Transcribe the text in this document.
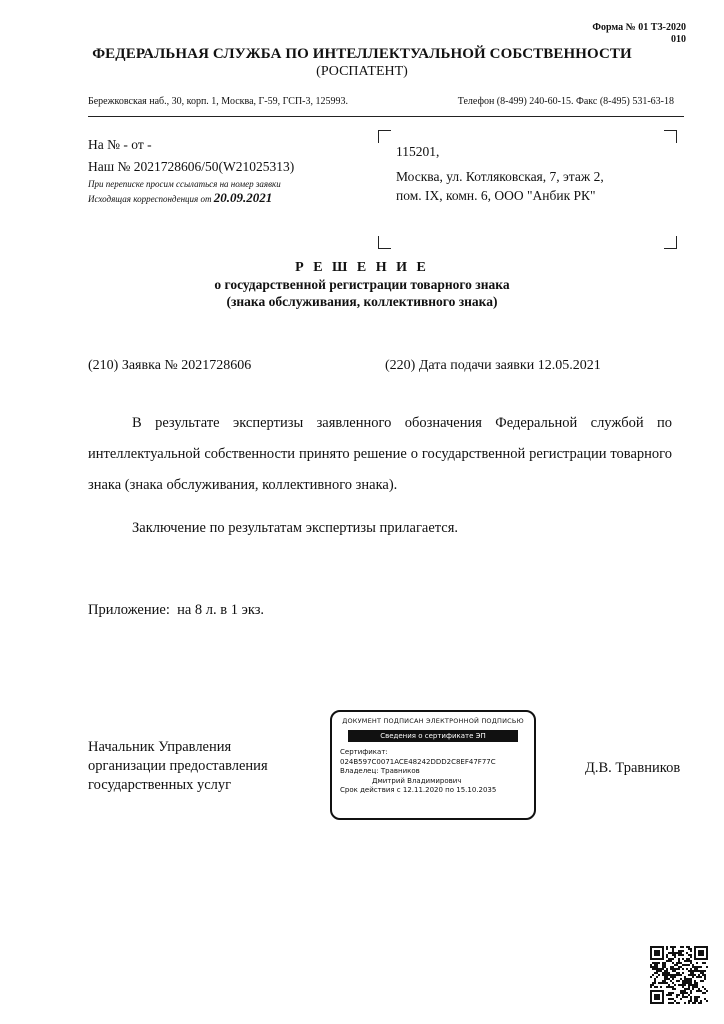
Форма № 01 ТЗ-2020
010
ФЕДЕРАЛЬНАЯ СЛУЖБА ПО ИНТЕЛЛЕКТУАЛЬНОЙ СОБСТВЕННОСТИ
(РОСПАТЕНТ)
Бережковская наб., 30, корп. 1, Москва, Г-59, ГСП-3, 125993.	Телефон (8-499) 240-60-15. Факс (8-495) 531-63-18
На № - от -
Наш № 2021728606/50(W21025313)
При переписке просим ссылаться на номер заявки
Исходящая корреспонденция от 20.09.2021
115201,
Москва, ул. Котляковская, 7, этаж 2,
пом. IX, комн. 6, ООО "Анбик РК"
Р Е Ш Е Н И Е
о государственной регистрации товарного знака
(знака обслуживания, коллективного знака)
(210) Заявка № 2021728606	(220) Дата подачи заявки 12.05.2021
В результате экспертизы заявленного обозначения Федеральной службой по интеллектуальной собственности принято решение о государственной регистрации товарного знака (знака обслуживания, коллективного знака).
Заключение по результатам экспертизы прилагается.
Приложение:  на 8 л. в 1 экз.
Начальник Управления
организации предоставления
государственных услуг
ДОКУМЕНТ ПОДПИСАН ЭЛЕКТРОННОЙ ПОДПИСЬЮ
Сведения о сертификате ЭП
Сертификат:
024B597C0071ACE48242DDD2C8EF47F77C
Владелец: Травников
Дмитрий Владимирович
Срок действия с 12.11.2020 по 15.10.2035
Д.В. Травников
